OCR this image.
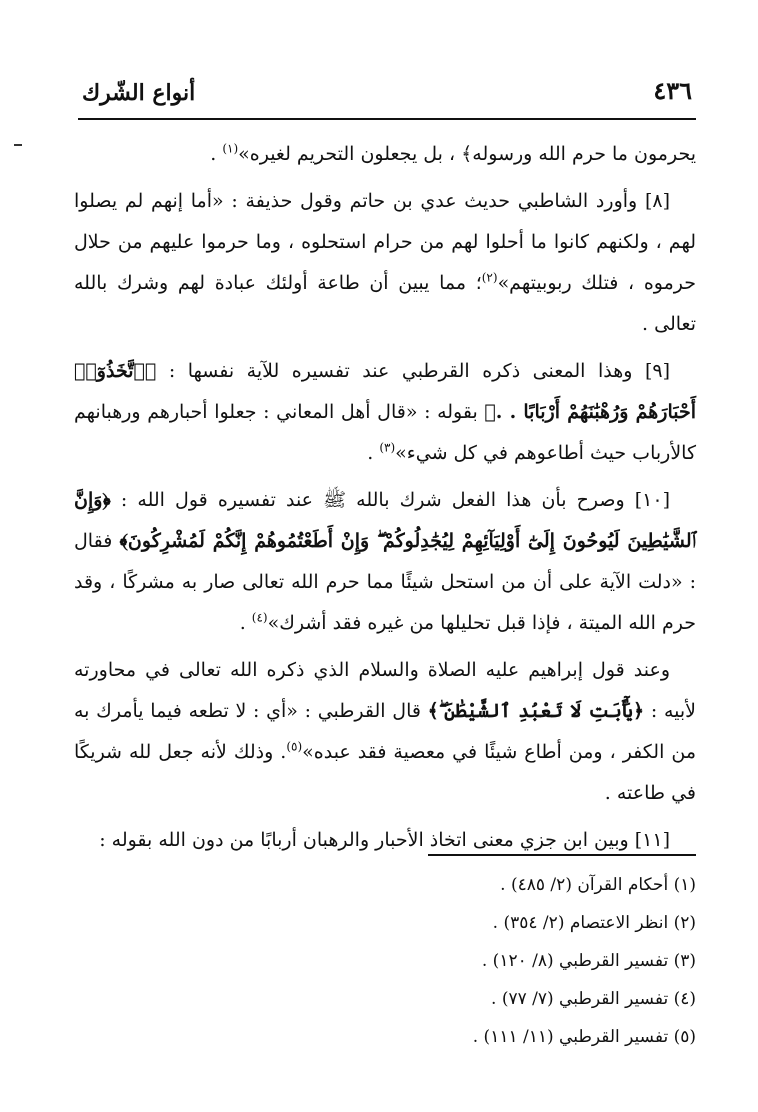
٤٣٦
أنواع الشّرك

يحرمون ما حرم الله ورسوله﴾ ، بل يجعلون التحريم لغيره»$^{(١)}$ .

[٨] وأورد الشاطبي حديث عدي بن حاتم وقول حذيفة : «أما إنهم لم يصلوا لهم ، ولكنهم كانوا ما أحلوا لهم من حرام استحلوه ، وما حرموا عليهم من حلال حرموه ، فتلك ربوبيتهم»$^{(٢)}$؛ مما يبين أن طاعة أولئك عبادة لهم وشرك بالله تعالى .

[٩] وهذا المعنى ذكره القرطبي عند تفسيره للآية نفسها : ﴿ٱتَّخَذُوٓا۟ أَحْبَارَهُمْ وَرُهْبَٰنَهُمْ أَرْبَابًا . .﴾ بقوله : «قال أهل المعاني : جعلوا أحبارهم ورهبانهم كالأرباب حيث أطاعوهم في كل شيء»$^{(٣)}$ .

[١٠] وصرح بأن هذا الفعل شرك بالله ﷺ عند تفسيره قول الله : ﴿وَإِنَّ ٱلشَّيَٰطِينَ لَيُوحُونَ إِلَىٰٓ أَوْلِيَآئِهِمْ لِيُجَٰدِلُوكُمْ ۖ وَإِنْ أَطَعْتُمُوهُمْ إِنَّكُمْ لَمُشْرِكُونَ﴾ فقال : «دلت الآية على أن من استحل شيئًا مما حرم الله تعالى صار به مشركًا ، وقد حرم الله الميتة ، فإذا قبل تحليلها من غيره فقد أشرك»$^{(٤)}$ .

وعند قول إبراهيم عليه الصلاة والسلام الذي ذكره الله تعالى في محاورته لأبيه : ﴿يَٰٓأَبَتِ لَا تَعْبُدِ ٱلشَّيْطَٰنَ ۖ﴾ قال القرطبي : «أي : لا تطعه فيما يأمرك به من الكفر ، ومن أطاع شيئًا في معصية فقد عبده»$^{(٥)}$. وذلك لأنه جعل لله شريكًا في طاعته .

[١١] وبين ابن جزي معنى اتخاذ الأحبار والرهبان أربابًا من دون الله بقوله :

(١) أحكام القرآن (٢/ ٤٨٥) .
(٢) انظر الاعتصام (٢/ ٣٥٤) .
(٣) تفسير القرطبي (٨/ ١٢٠) .
(٤) تفسير القرطبي (٧/ ٧٧) .
(٥) تفسير القرطبي (١١/ ١١١) .
